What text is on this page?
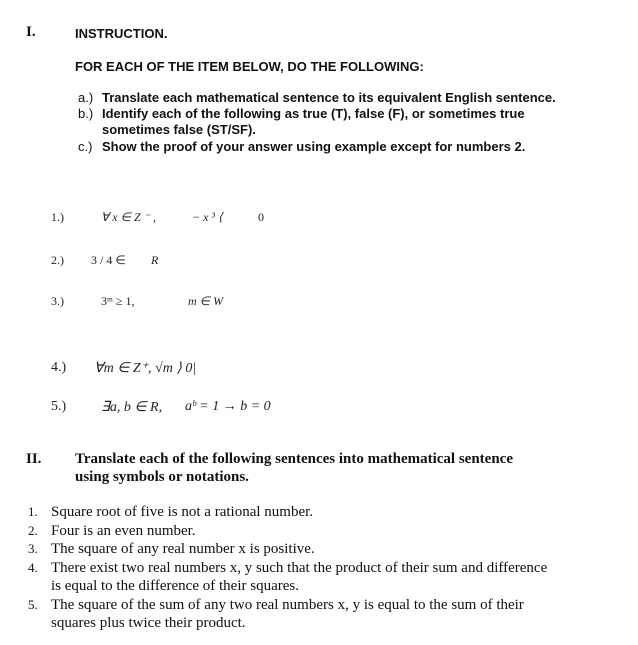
I.	INSTRUCTION.
FOR EACH OF THE ITEM BELOW, DO THE FOLLOWING:
a.) Translate each mathematical sentence to its equivalent English sentence.
b.) Identify each of the following as true (T), false (F), or sometimes true
sometimes false (ST/SF).
c.) Show the proof of your answer using example except for numbers 2.
1.)	∀ x ∈ Z ⁻ ,	− x ³ ⟨	0
2.) 3 / 4 ∈ R
3.)	3ᵐ ≥ 1,	m ∈ W
4.) ∀m ∈ Z⁺, √m ⟩ 0|
5.) ∃a, b ∈ R, aᵇ = 1 → b = 0
II. Translate each of the following sentences into mathematical sentence
using symbols or notations.
1. Square root of five is not a rational number.
2. Four is an even number.
3. The square of any real number x is positive.
4. There exist two real numbers x, y such that the product of their sum and difference
is equal to the difference of their squares.
5. The square of the sum of any two real numbers x, y is equal to the sum of their
squares plus twice their product.
